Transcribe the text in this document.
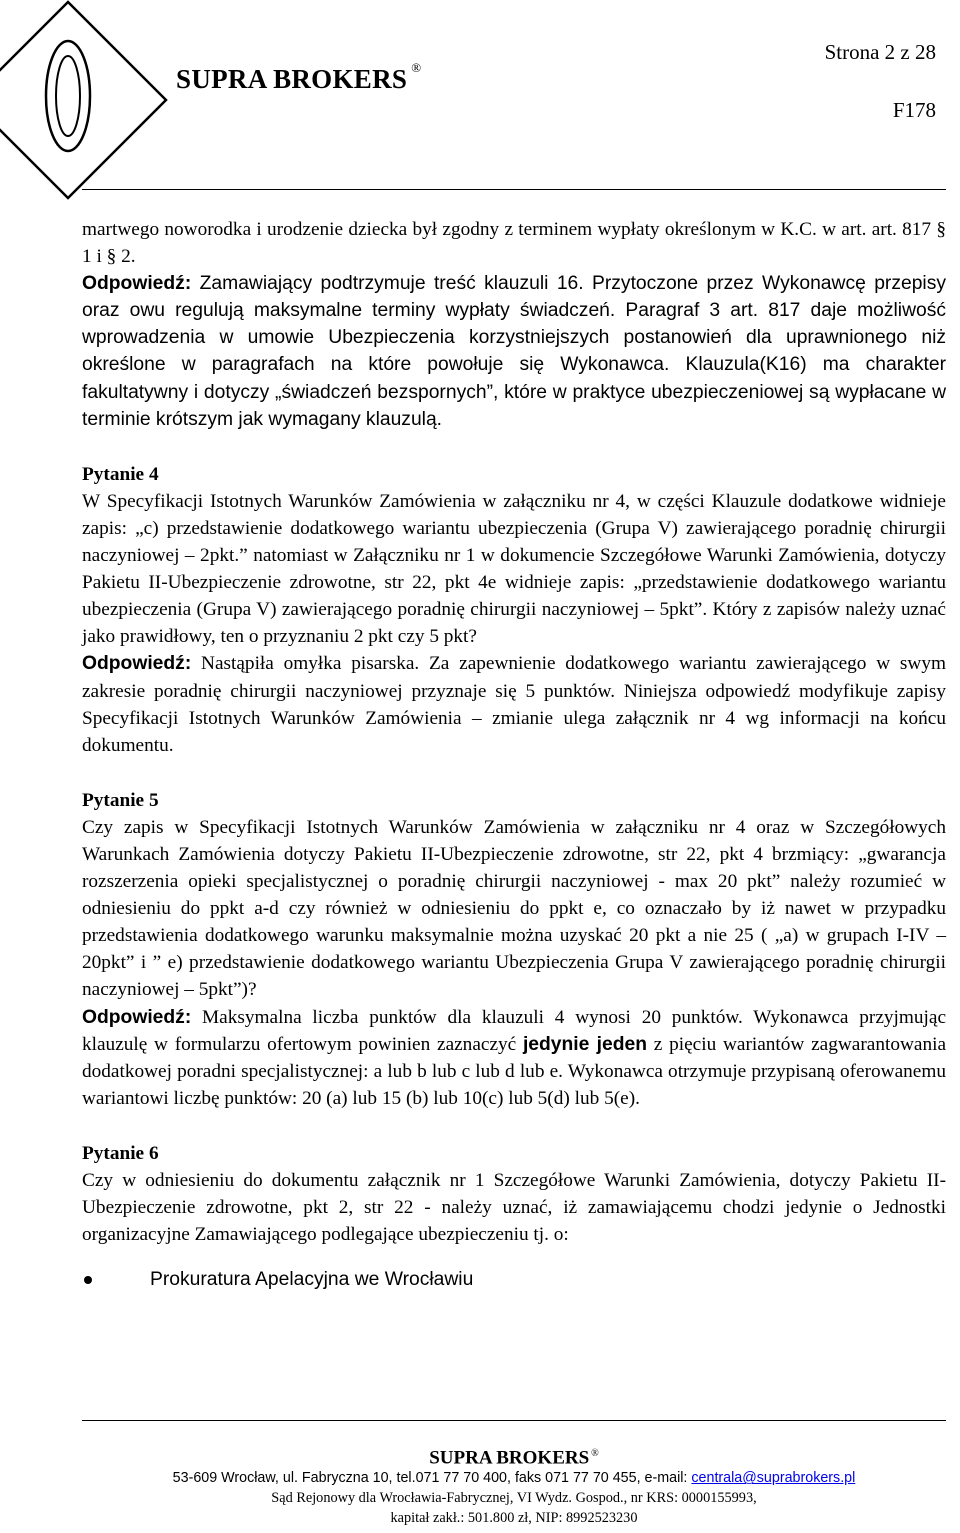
SUPRA BROKERS ®
Strona 2 z 28
F178

martwego noworodka i urodzenie dziecka był zgodny z terminem wypłaty określonym w K.C. w art. art. 817 § 1 i § 2.

Odpowiedź: Zamawiający podtrzymuje treść klauzuli 16. Przytoczone przez Wykonawcę przepisy oraz owu regulują maksymalne terminy wypłaty świadczeń. Paragraf 3 art. 817 daje możliwość wprowadzenia w umowie Ubezpieczenia korzystniejszych postanowień dla uprawnionego niż określone w paragrafach na które powołuje się Wykonawca. Klauzula(K16) ma charakter fakultatywny i dotyczy „świadczeń bezspornych”, które w praktyce ubezpieczeniowej są wypłacane w terminie krótszym jak wymagany klauzulą.

Pytanie 4

W Specyfikacji Istotnych Warunków Zamówienia w załączniku nr 4, w części Klauzule dodatkowe widnieje zapis: „c) przedstawienie dodatkowego wariantu ubezpieczenia (Grupa V) zawierającego poradnię chirurgii naczyniowej – 2pkt.” natomiast w Załączniku nr 1 w dokumencie Szczegółowe Warunki Zamówienia, dotyczy Pakietu II-Ubezpieczenie zdrowotne, str 22, pkt 4e widnieje zapis: „przedstawienie dodatkowego wariantu ubezpieczenia (Grupa V) zawierającego poradnię chirurgii naczyniowej – 5pkt”. Który z zapisów należy uznać jako prawidłowy, ten o przyznaniu 2 pkt czy 5 pkt?

Odpowiedź: Nastąpiła omyłka pisarska. Za zapewnienie dodatkowego wariantu zawierającego w swym zakresie poradnię chirurgii naczyniowej przyznaje się 5 punktów. Niniejsza odpowiedź modyfikuje zapisy Specyfikacji Istotnych Warunków Zamówienia – zmianie ulega załącznik nr 4 wg informacji na końcu dokumentu.

Pytanie 5

Czy zapis w Specyfikacji Istotnych Warunków Zamówienia w załączniku nr 4 oraz w Szczegółowych Warunkach Zamówienia dotyczy Pakietu II-Ubezpieczenie zdrowotne, str 22, pkt 4 brzmiący: „gwarancja rozszerzenia opieki specjalistycznej o poradnię chirurgii naczyniowej - max 20 pkt” należy rozumieć w odniesieniu do ppkt a-d czy również w odniesieniu do ppkt e, co oznaczało by iż nawet w przypadku przedstawienia dodatkowego warunku maksymalnie można uzyskać 20 pkt a nie 25 ( „a) w grupach I-IV – 20pkt” i ” e) przedstawienie dodatkowego wariantu Ubezpieczenia Grupa V zawierającego poradnię chirurgii naczyniowej – 5pkt”)?

Odpowiedź: Maksymalna liczba punktów dla klauzuli 4 wynosi 20 punktów. Wykonawca przyjmując klauzulę w formularzu ofertowym powinien zaznaczyć jedynie jeden z pięciu wariantów zagwarantowania dodatkowej poradni specjalistycznej: a lub b lub c lub d lub e. Wykonawca otrzymuje przypisaną oferowanemu wariantowi liczbę punktów: 20 (a) lub 15 (b) lub 10(c) lub 5(d) lub 5(e).

Pytanie 6

Czy w odniesieniu do dokumentu załącznik nr 1 Szczegółowe Warunki Zamówienia, dotyczy Pakietu II-Ubezpieczenie zdrowotne, pkt 2, str 22 - należy uznać, iż zamawiającemu chodzi jedynie o Jednostki organizacyjne Zamawiającego podlegające ubezpieczeniu tj. o:

Prokuratura Apelacyjna we Wrocławiu
SUPRA BROKERS ®
53-609 Wrocław, ul. Fabryczna 10, tel.071 77 70 400, faks 071 77 70 455, e-mail: centrala@suprabrokers.pl
Sąd Rejonowy dla Wrocławia-Fabrycznej, VI Wydz. Gospod., nr KRS: 0000155993,
kapitał zakł.: 501.800 zł, NIP: 8992523230
